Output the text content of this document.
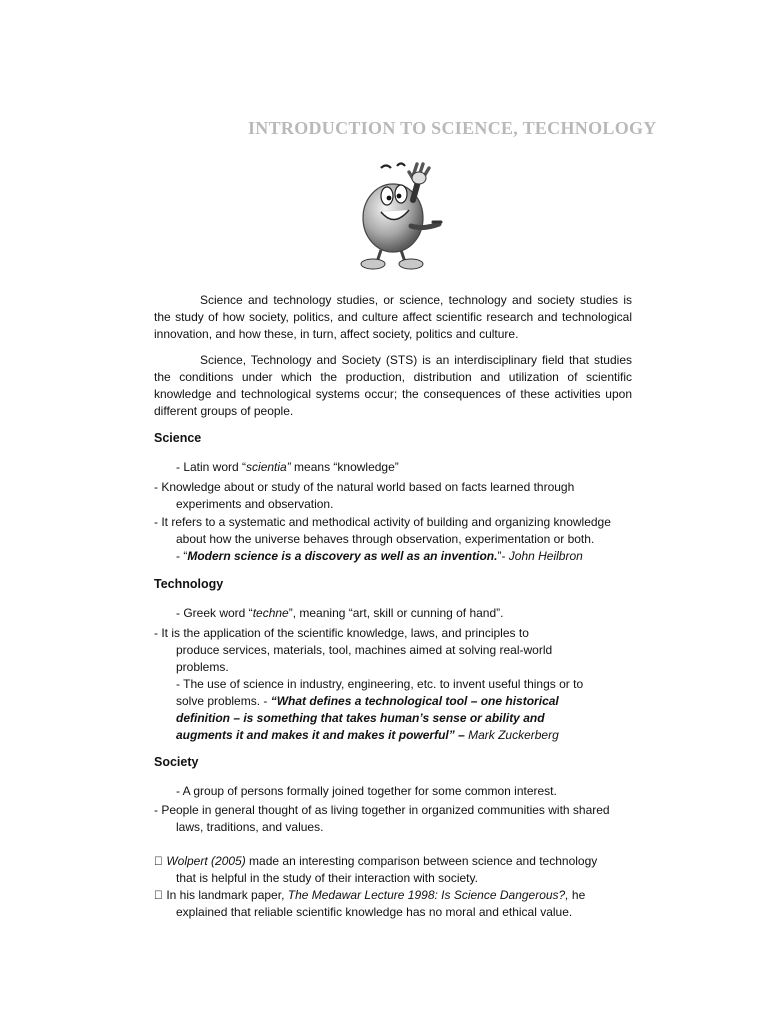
INTRODUCTION TO SCIENCE, TECHNOLOGY

Science and technology studies, or science, technology and society studies is the study of how society, politics, and culture affect scientific research and technological innovation, and how these, in turn, affect society, politics and culture.

Science, Technology and Society (STS) is an interdisciplinary field that studies the conditions under which the production, distribution and utilization of scientific knowledge and technological systems occur; the consequences of these activities upon different groups of people.

Science
- Latin word “scientia” means “knowledge”
- Knowledge about or study of the natural world based on facts learned through
experiments and observation.
- It refers to a systematic and methodical activity of building and organizing knowledge
about how the universe behaves through observation, experimentation or both.
- “Modern science is a discovery as well as an invention.”- John Heilbron
Technology
- Greek word “techne”, meaning “art, skill or cunning of hand”.
- It is the application of the scientific knowledge, laws, and principles to
produce services, materials, tool, machines aimed at solving real-world
problems.
- The use of science in industry, engineering, etc. to invent useful things or to
solve problems. - “What defines a technological tool – one historical
definition – is something that takes human’s sense or ability and
augments it and makes it and makes it powerful” – Mark Zuckerberg
Society
- A group of persons formally joined together for some common interest.
- People in general thought of as living together in organized communities with shared
laws, traditions, and values.
Wolpert (2005) made an interesting comparison between science and technology
that is helpful in the study of their interaction with society.
In his landmark paper, The Medawar Lecture 1998: Is Science Dangerous?, he
explained that reliable scientific knowledge has no moral and ethical value.
